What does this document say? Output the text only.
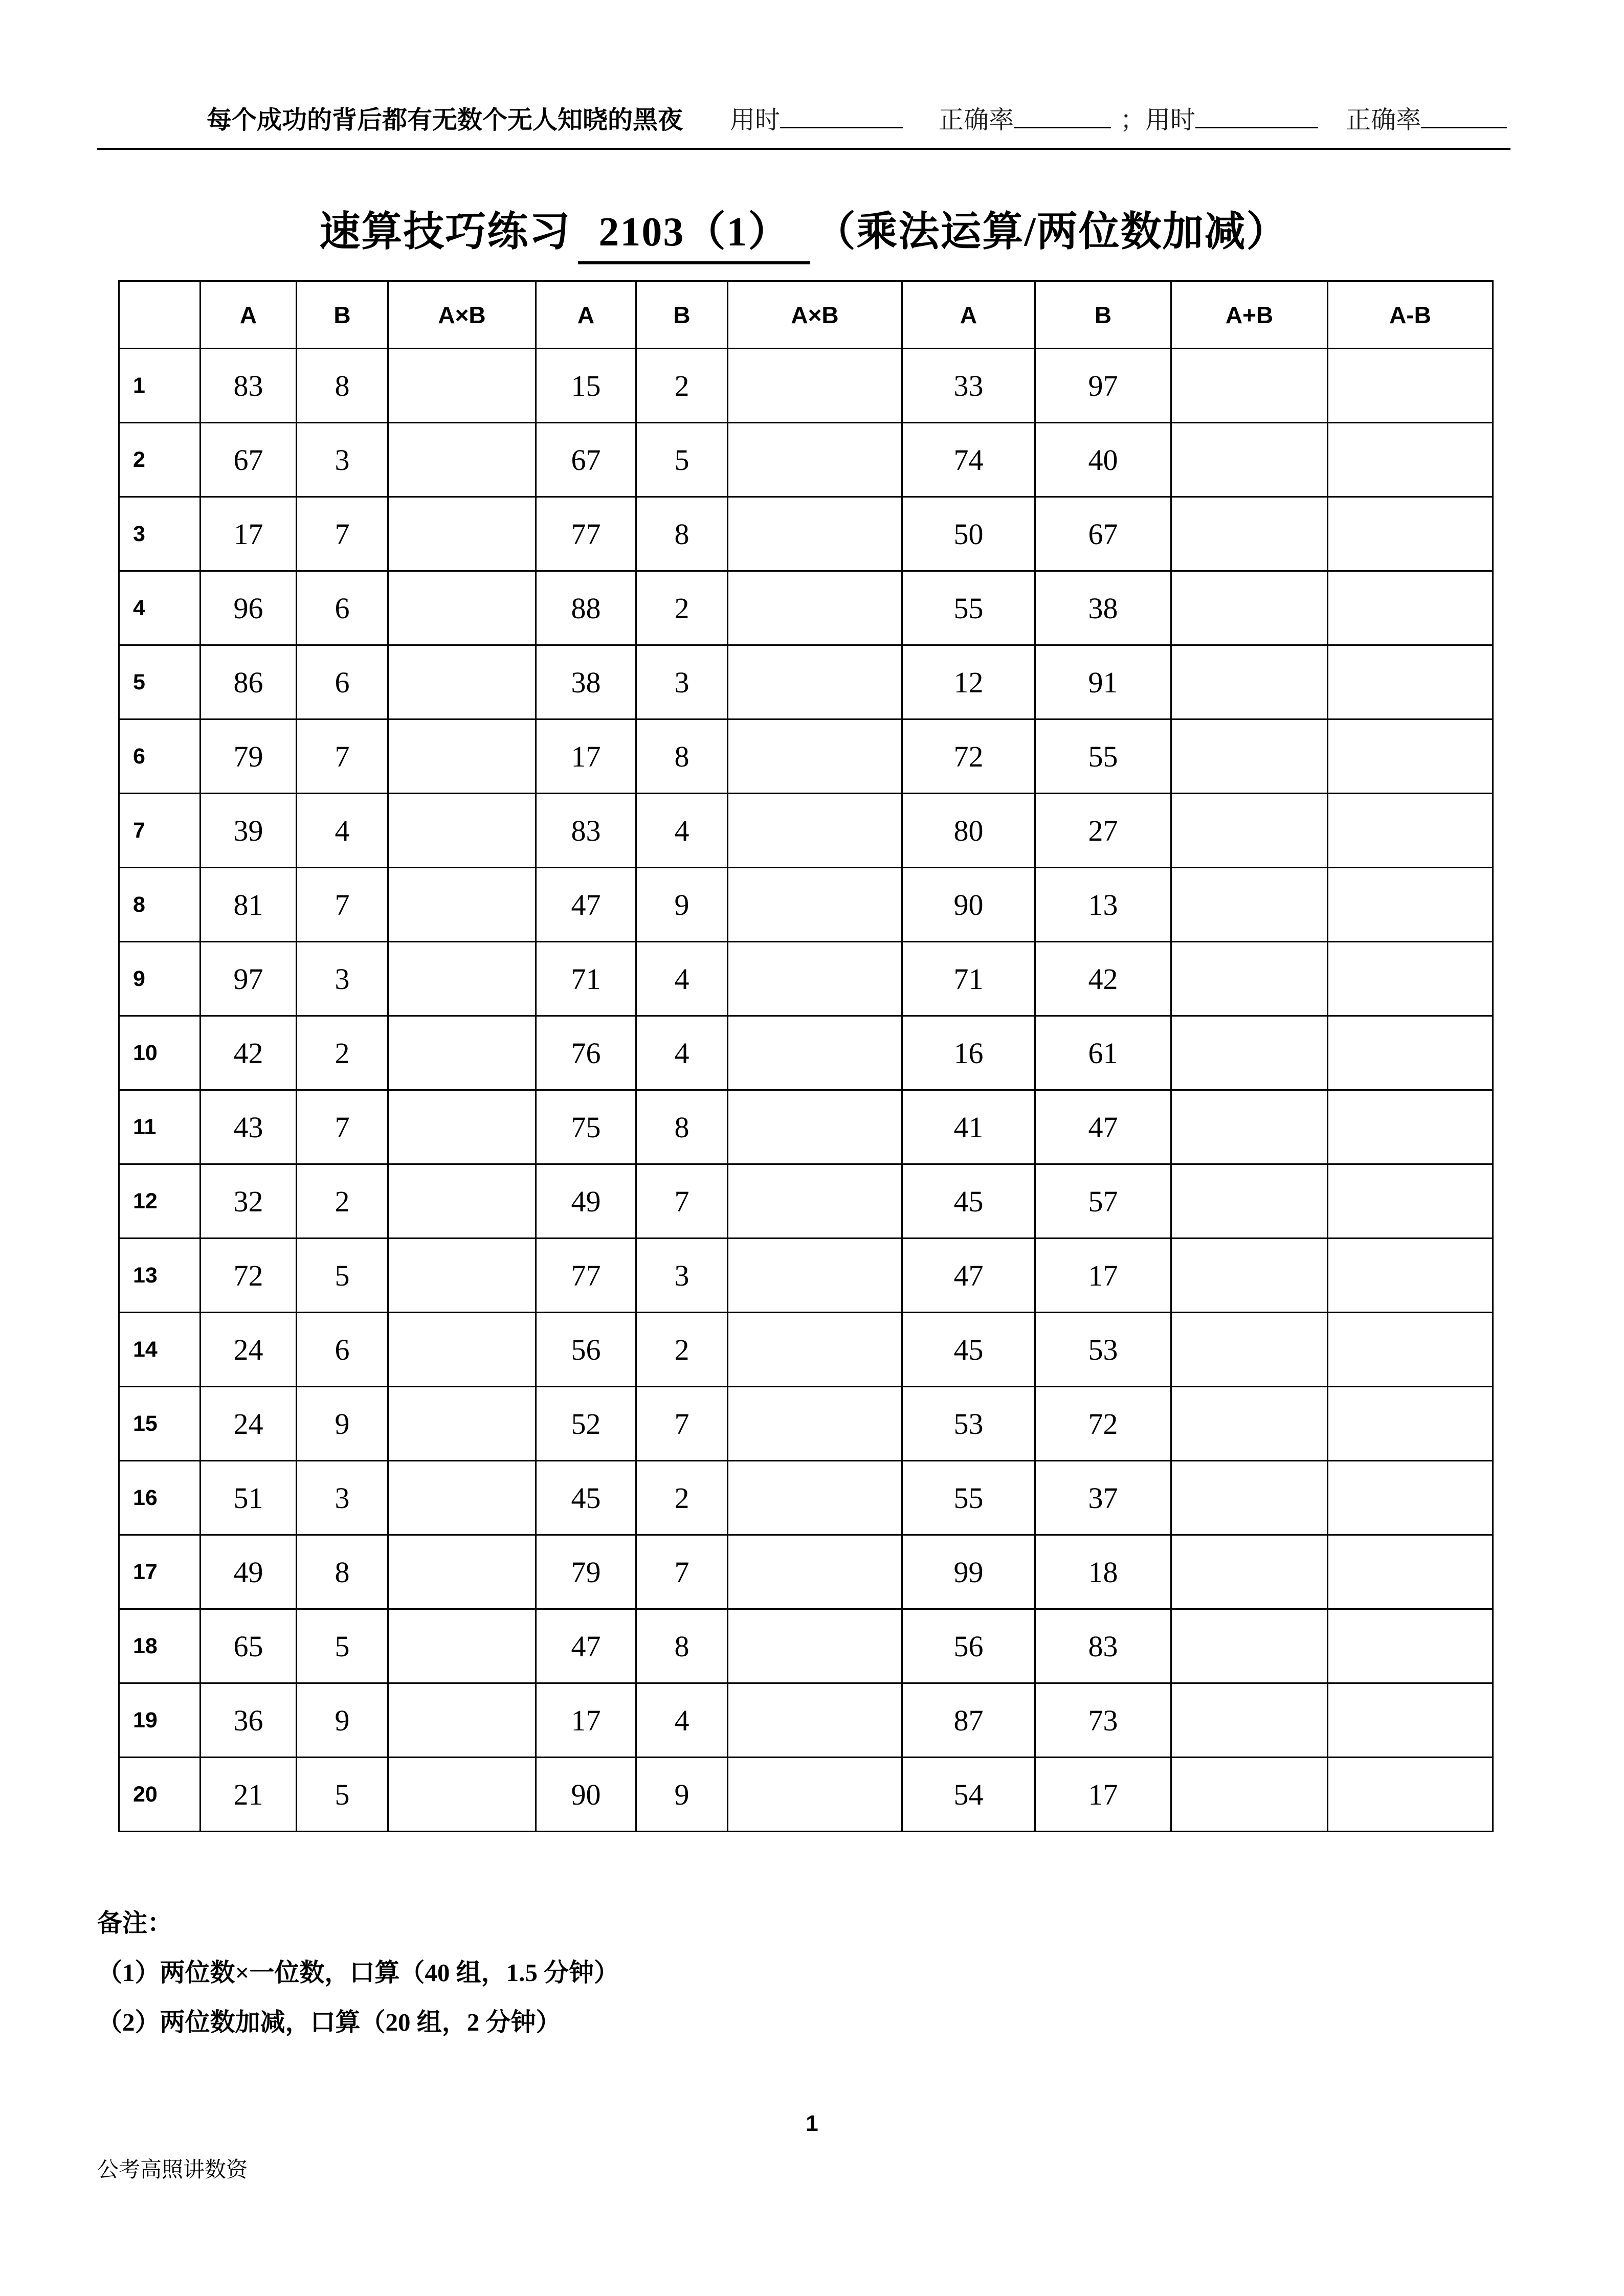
每个成功的背后都有无数个无人知晓的黑夜 用时	正确率	；用时	正确率
速算技巧练习 2103（1） （乘法运算/两位数加减）
	A	B	A×B	A	B	A×B	A	B	A+B	A-B
1	83	8		15	2		33	97		
2	67	3		67	5		74	40		
3	17	7		77	8		50	67		
4	96	6		88	2		55	38		
5	86	6		38	3		12	91		
6	79	7		17	8		72	55		
7	39	4		83	4		80	27		
8	81	7		47	9		90	13		
9	97	3		71	4		71	42		
10	42	2		76	4		16	61		
11	43	7		75	8		41	47		
12	32	2		49	7		45	57		
13	72	5		77	3		47	17		
14	24	6		56	2		45	53		
15	24	9		52	7		53	72		
16	51	3		45	2		55	37		
17	49	8		79	7		99	18		
18	65	5		47	8		56	83		
19	36	9		17	4		87	73		
20	21	5		90	9		54	17		
备注：
（1）两位数×一位数，口算（40 组，1.5 分钟）
（2）两位数加减，口算（20 组，2 分钟）
1
公考高照讲数资
